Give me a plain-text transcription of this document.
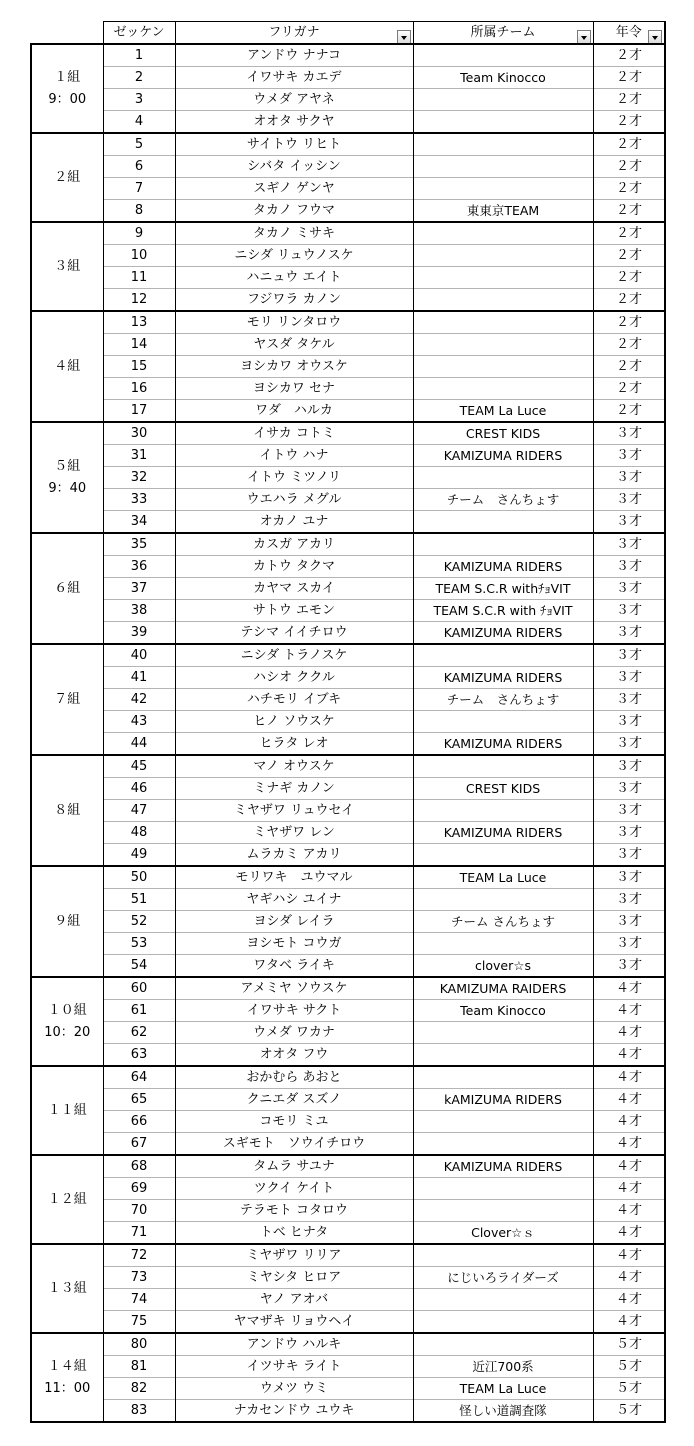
	ゼッケン	フリガナ	所属チーム	年令

１組
9：00	1	アンドウ ナナコ		２才
	2	イワサキ カエデ	Team Kinocco	２才
	3	ウメダ アヤネ		２才
	4	オオタ サクヤ		２才

２組	5	サイトウ リヒト		２才
	6	シバタ イッシン		２才
	7	スギノ ゲンヤ		２才
	8	タカノ フウマ	東東京TEAM	２才

３組	9	タカノ ミサキ		２才
	10	ニシダ リュウノスケ		２才
	11	ハニュウ エイト		２才
	12	フジワラ カノン		２才

４組	13	モリ リンタロウ		２才
	14	ヤスダ タケル		２才
	15	ヨシカワ オウスケ		２才
	16	ヨシカワ セナ		２才
	17	ワダ　ハルカ	TEAM La Luce	２才

５組
9：40	30	イサカ コトミ	CREST KIDS	３才
	31	イトウ ハナ	KAMIZUMA RIDERS	３才
	32	イトウ ミツノリ		３才
	33	ウエハラ メグル	チーム　さんちょす	３才
	34	オカノ ユナ		３才

６組	35	カスガ アカリ		３才
	36	カトウ タクマ	KAMIZUMA RIDERS	３才
	37	カヤマ スカイ	TEAM S.C.R withﾁｮVIT	３才
	38	サトウ エモン	TEAM S.C.R with ﾁｮVIT	３才
	39	テシマ イイチロウ	KAMIZUMA RIDERS	３才

７組	40	ニシダ トラノスケ		３才
	41	ハシオ ククル	KAMIZUMA RIDERS	３才
	42	ハチモリ イブキ	チーム　さんちょす	３才
	43	ヒノ ソウスケ		３才
	44	ヒラタ レオ	KAMIZUMA RIDERS	３才

８組	45	マノ オウスケ		３才
	46	ミナギ カノン	CREST KIDS	３才
	47	ミヤザワ リュウセイ		３才
	48	ミヤザワ レン	KAMIZUMA RIDERS	３才
	49	ムラカミ アカリ		３才

９組	50	モリワキ　ユウマル	TEAM La Luce	３才
	51	ヤギハシ ユイナ		３才
	52	ヨシダ レイラ	チーム さんちょす	３才
	53	ヨシモト コウガ		３才
	54	ワタベ ライキ	clover☆s	３才

１０組
10：20	60	アメミヤ ソウスケ	KAMIZUMA RAIDERS	４才
	61	イワサキ サクト	Team Kinocco	４才
	62	ウメダ ワカナ		４才
	63	オオタ フウ		４才

１１組	64	おかむら あおと		４才
	65	クニエダ スズノ	kAMIZUMA RIDERS	４才
	66	コモリ ミユ		４才
	67	スギモト　ソウイチロウ		４才

１２組	68	タムラ サユナ	KAMIZUMA RIDERS	４才
	69	ツクイ ケイト		４才
	70	テラモト コタロウ		４才
	71	トベ ヒナタ	Clover☆ｓ	４才

１３組	72	ミヤザワ リリア		４才
	73	ミヤシタ ヒロア	にじいろライダーズ	４才
	74	ヤノ アオバ		４才
	75	ヤマザキ リョウヘイ		４才

１４組
11：00	80	アンドウ ハルキ		５才
	81	イツサキ ライト	近江700系	５才
	82	ウメツ ウミ	TEAM La Luce	５才
	83	ナカセンドウ ユウキ	怪しい道調査隊	５才
